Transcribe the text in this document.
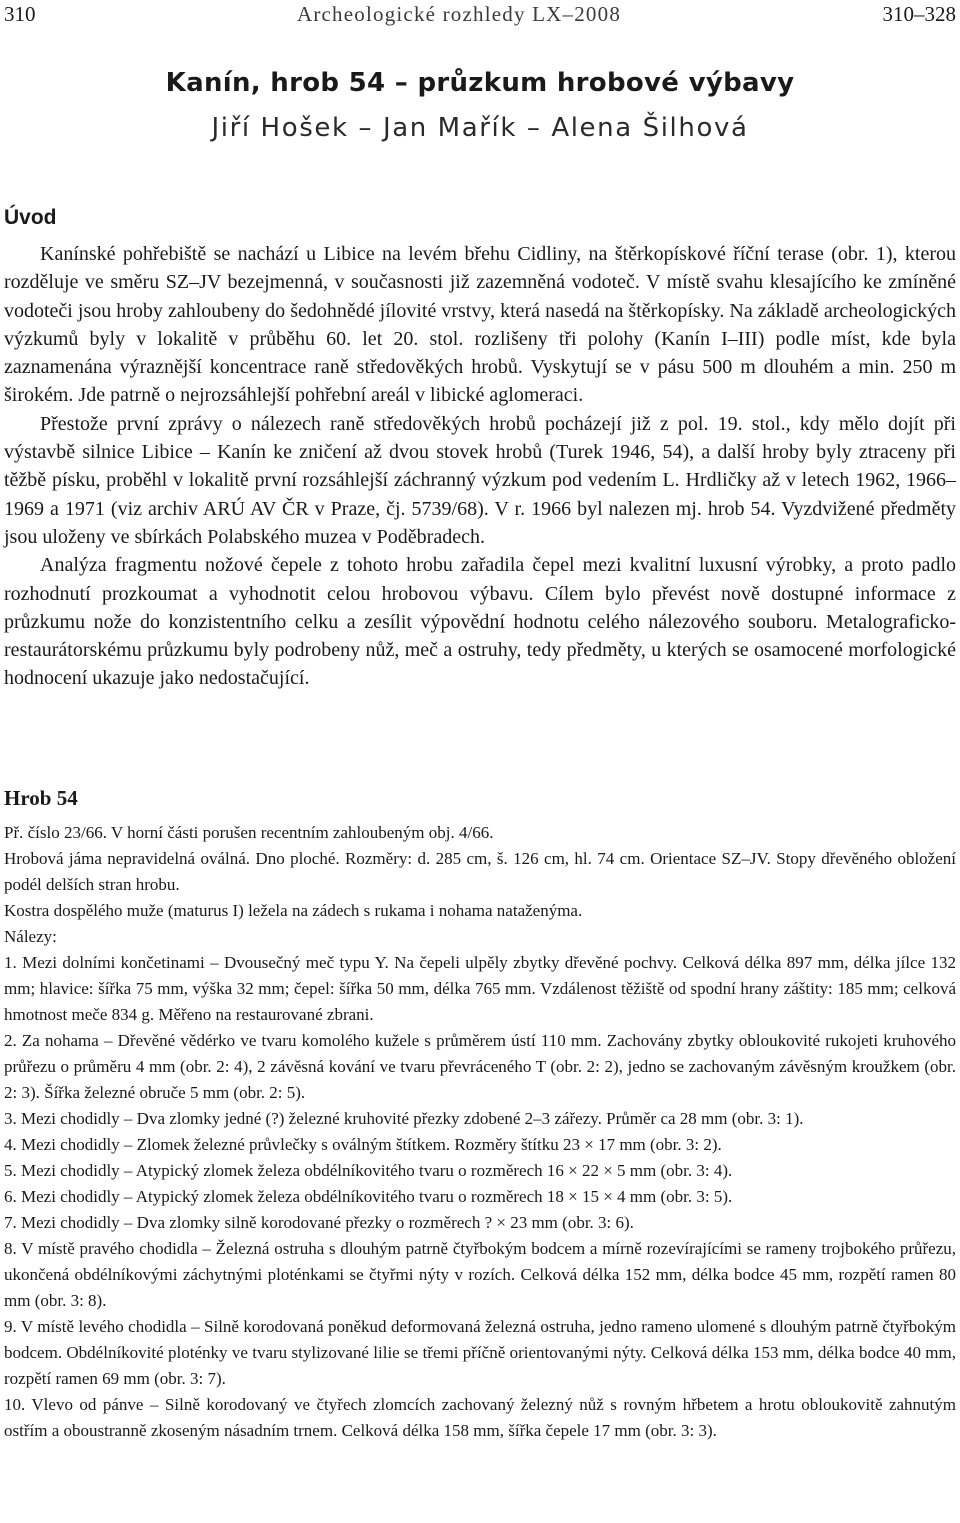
310	Archeologické rozhledy LX–2008	310–328
Kanín, hrob 54 – průzkum hrobové výbavy
Jiří Hošek – Jan Mařík – Alena Šilhová
Úvod

Kanínské pohřebiště se nachází u Libice na levém břehu Cidliny, na štěrkopískové říční terase (obr. 1), kterou rozděluje ve směru SZ–JV bezejmenná, v současnosti již zazemněná vodoteč. V místě svahu klesajícího ke zmíněné vodoteči jsou hroby zahloubeny do šedohnědé jílovité vrstvy, která nasedá na štěrkopísky. Na základě archeologických výzkumů byly v lokalitě v průběhu 60. let 20. stol. rozlišeny tři polohy (Kanín I–III) podle míst, kde byla zaznamenána výraznější koncentrace raně středověkých hrobů. Vyskytují se v pásu 500 m dlouhém a min. 250 m širokém. Jde patrně o nejrozsáhlejší pohřební areál v libické aglomeraci.

Přestože první zprávy o nálezech raně středověkých hrobů pocházejí již z pol. 19. stol., kdy mělo dojít při výstavbě silnice Libice – Kanín ke zničení až dvou stovek hrobů (Turek 1946, 54), a další hroby byly ztraceny při těžbě písku, proběhl v lokalitě první rozsáhlejší záchranný výzkum pod vedením L. Hrdličky až v letech 1962, 1966–1969 a 1971 (viz archiv ARÚ AV ČR v Praze, čj. 5739/68). V r. 1966 byl nalezen mj. hrob 54. Vyzdvižené předměty jsou uloženy ve sbírkách Polabského muzea v Poděbradech.

Analýza fragmentu nožové čepele z tohoto hrobu zařadila čepel mezi kvalitní luxusní výrobky, a proto padlo rozhodnutí prozkoumat a vyhodnotit celou hrobovou výbavu. Cílem bylo převést nově dostupné informace z průzkumu nože do konzistentního celku a zesílit výpovědní hodnotu celého nálezového souboru. Metalograficko-restaurátorskému průzkumu byly podrobeny nůž, meč a ostruhy, tedy předměty, u kterých se osamocené morfologické hodnocení ukazuje jako nedostačující.

Hrob 54

Př. číslo 23/66. V horní části porušen recentním zahloubeným obj. 4/66.

Hrobová jáma nepravidelná oválná. Dno ploché. Rozměry: d. 285 cm, š. 126 cm, hl. 74 cm. Orientace SZ–JV. Stopy dřevěného obložení podél delších stran hrobu.

Kostra dospělého muže (maturus I) ležela na zádech s rukama i nohama nataženýma.

Nálezy:

1. Mezi dolními končetinami – Dvousečný meč typu Y. Na čepeli ulpěly zbytky dřevěné pochvy. Celková délka 897 mm, délka jílce 132 mm; hlavice: šířka 75 mm, výška 32 mm; čepel: šířka 50 mm, délka 765 mm. Vzdálenost těžiště od spodní hrany záštity: 185 mm; celková hmotnost meče 834 g. Měřeno na restaurované zbrani.

2. Za nohama – Dřevěné vědérko ve tvaru komolého kužele s průměrem ústí 110 mm. Zachovány zbytky obloukovité rukojeti kruhového průřezu o průměru 4 mm (obr. 2: 4), 2 závěsná kování ve tvaru převráceného T (obr. 2: 2), jedno se zachovaným závěsným kroužkem (obr. 2: 3). Šířka železné obruče 5 mm (obr. 2: 5).

3. Mezi chodidly – Dva zlomky jedné (?) železné kruhovité přezky zdobené 2–3 zářezy. Průměr ca 28 mm (obr. 3: 1).

4. Mezi chodidly – Zlomek železné průvlečky s oválným štítkem. Rozměry štítku 23 × 17 mm (obr. 3: 2).

5. Mezi chodidly – Atypický zlomek železa obdélníkovitého tvaru o rozměrech 16 × 22 × 5 mm (obr. 3: 4).

6. Mezi chodidly – Atypický zlomek železa obdélníkovitého tvaru o rozměrech 18 × 15 × 4 mm (obr. 3: 5).

7. Mezi chodidly – Dva zlomky silně korodované přezky o rozměrech ? × 23 mm (obr. 3: 6).

8. V místě pravého chodidla – Železná ostruha s dlouhým patrně čtyřbokým bodcem a mírně rozevírajícími se rameny trojbokého průřezu, ukončená obdélníkovými záchytnými ploténkami se čtyřmi nýty v rozích. Celková délka 152 mm, délka bodce 45 mm, rozpětí ramen 80 mm (obr. 3: 8).

9. V místě levého chodidla – Silně korodovaná poněkud deformovaná železná ostruha, jedno rameno ulomené s dlouhým patrně čtyřbokým bodcem. Obdélníkovité ploténky ve tvaru stylizované lilie se třemi příčně orientovanými nýty. Celková délka 153 mm, délka bodce 40 mm, rozpětí ramen 69 mm (obr. 3: 7).

10. Vlevo od pánve – Silně korodovaný ve čtyřech zlomcích zachovaný železný nůž s rovným hřbetem a hrotu obloukovitě zahnutým ostřím a oboustranně zkoseným násadním trnem. Celková délka 158 mm, šířka čepele 17 mm (obr. 3: 3).
